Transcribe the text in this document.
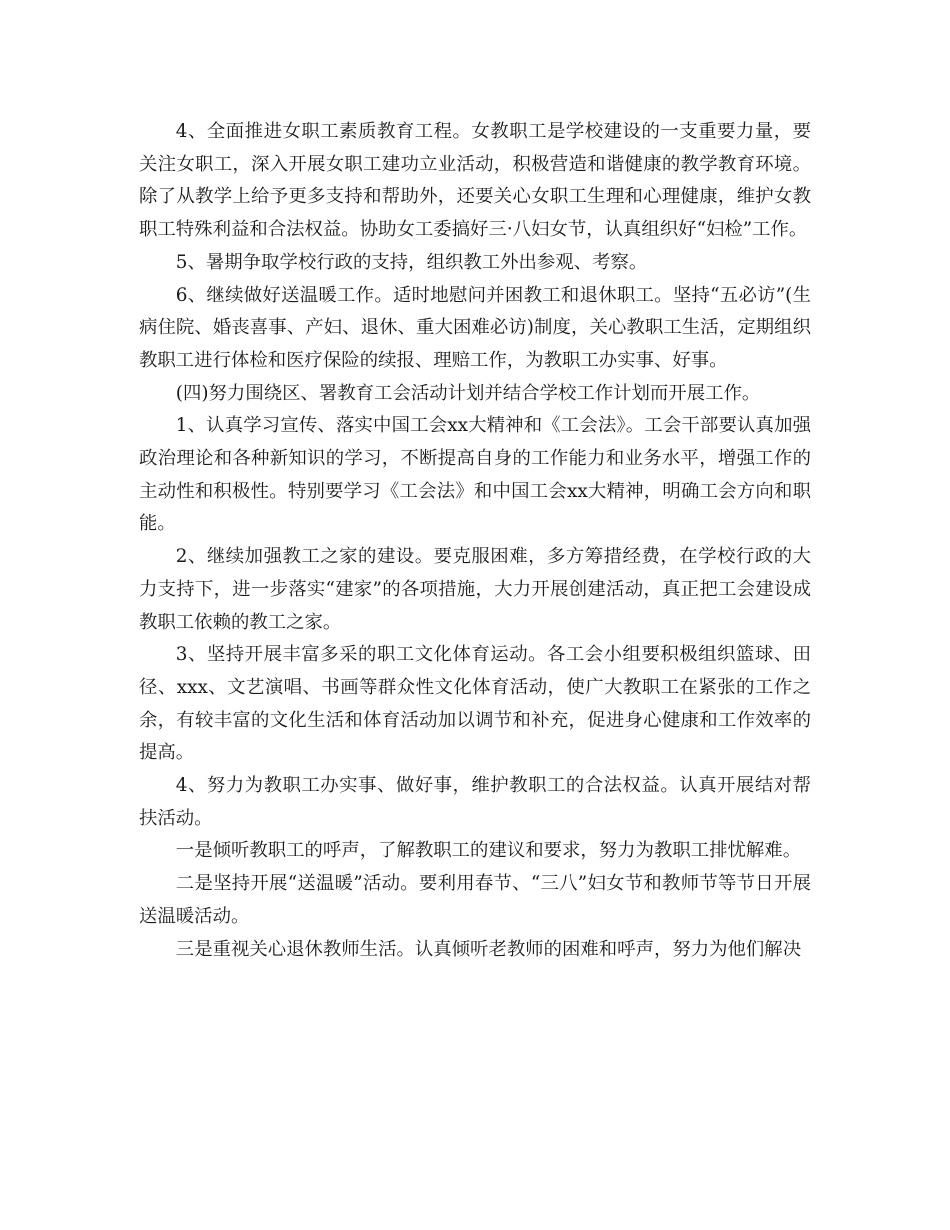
4、全面推进女职工素质教育工程。女教职工是学校建设的一支重要力量，要关注女职工，深入开展女职工建功立业活动，积极营造和谐健康的教学教育环境。除了从教学上给予更多支持和帮助外，还要关心女职工生理和心理健康，维护女教职工特殊利益和合法权益。协助女工委搞好三·八妇女节，认真组织好“妇检”工作。

5、暑期争取学校行政的支持，组织教工外出参观、考察。

6、继续做好送温暖工作。适时地慰问并困教工和退休职工。坚持“五必访”(生病住院、婚丧喜事、产妇、退休、重大困难必访)制度，关心教职工生活，定期组织教职工进行体检和医疗保险的续报、理赔工作，为教职工办实事、好事。

(四)努力围绕区、署教育工会活动计划并结合学校工作计划而开展工作。

1、认真学习宣传、落实中国工会xx大精神和《工会法》。工会干部要认真加强政治理论和各种新知识的学习，不断提高自身的工作能力和业务水平，增强工作的主动性和积极性。特别要学习《工会法》和中国工会xx大精神，明确工会方向和职能。

2、继续加强教工之家的建设。要克服困难，多方筹措经费，在学校行政的大力支持下，进一步落实“建家”的各项措施，大力开展创建活动，真正把工会建设成教职工依赖的教工之家。

3、坚持开展丰富多采的职工文化体育运动。各工会小组要积极组织篮球、田径、xxx、文艺演唱、书画等群众性文化体育活动，使广大教职工在紧张的工作之余，有较丰富的文化生活和体育活动加以调节和补充，促进身心健康和工作效率的提高。

4、努力为教职工办实事、做好事，维护教职工的合法权益。认真开展结对帮扶活动。

一是倾听教职工的呼声，了解教职工的建议和要求，努力为教职工排忧解难。

二是坚持开展“送温暖”活动。要利用春节、“三八”妇女节和教师节等节日开展送温暖活动。

三是重视关心退休教师生活。认真倾听老教师的困难和呼声，努力为他们解决
